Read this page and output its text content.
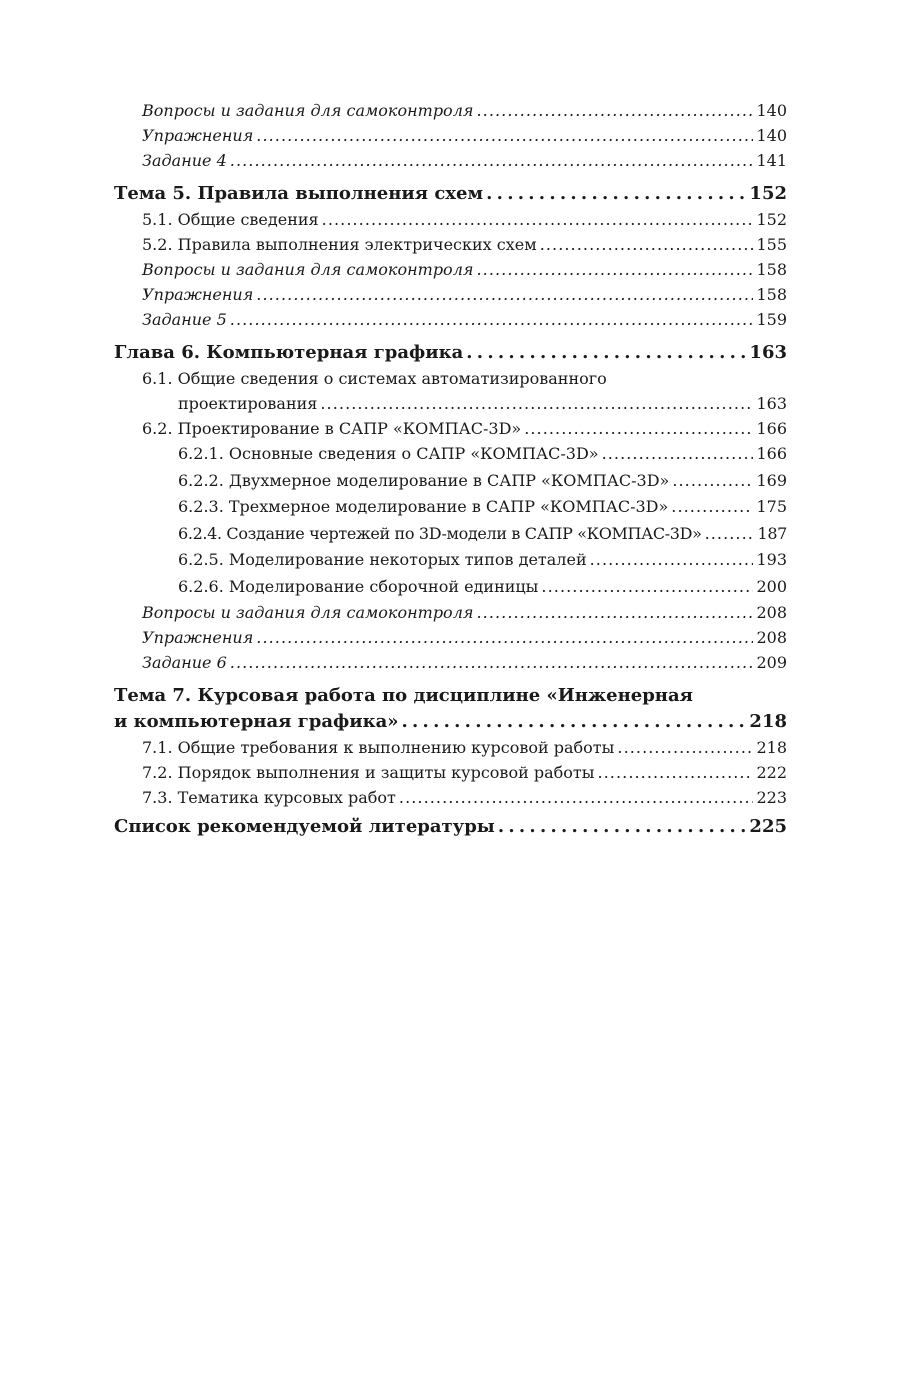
Вопросы и задания для самоконтроля . . .	140
Упражнения . . .	140
Задание 4 . . .	141
Тема 5. Правила выполнения схем . . .	152
5.1. Общие сведения . . .	152
5.2. Правила выполнения электрических схем . . .	155
Вопросы и задания для самоконтроля . . .	158
Упражнения . . .	158
Задание 5 . . .	159
Глава 6. Компьютерная графика . . .	163
6.1. Общие сведения о системах автоматизированного
проектирования . . .	163
6.2. Проектирование в САПР «КОМПАС-3D» . . .	166
6.2.1. Основные сведения о САПР «КОМПАС-3D» . . .	166
6.2.2. Двухмерное моделирование в САПР «КОМПАС-3D» . . .	169
6.2.3. Трехмерное моделирование в САПР «КОМПАС-3D» . . .	175
6.2.4. Создание чертежей по 3D-модели в САПР «КОМПАС-3D» . . .	187
6.2.5. Моделирование некоторых типов деталей . . .	193
6.2.6. Моделирование сборочной единицы . . .	200
Вопросы и задания для самоконтроля . . .	208
Упражнения . . .	208
Задание 6 . . .	209
Тема 7. Курсовая работа по дисциплине «Инженерная
и компьютерная графика» . . .	218
7.1. Общие требования к выполнению курсовой работы . . .	218
7.2. Порядок выполнения и защиты курсовой работы . . .	222
7.3. Тематика курсовых работ . . .	223
Список рекомендуемой литературы . . .	225
